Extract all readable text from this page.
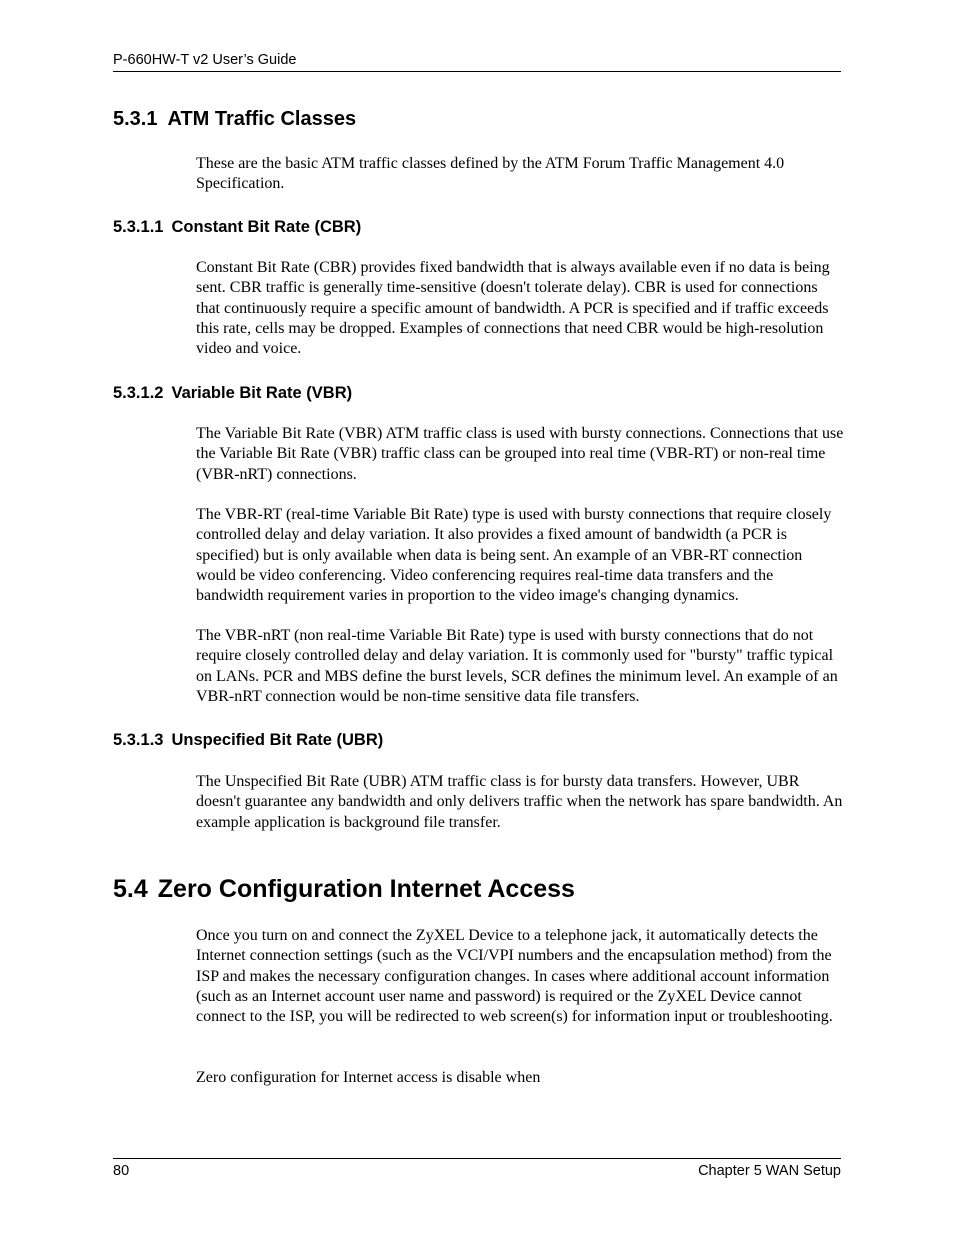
P-660HW-T v2 User’s Guide
5.3.1 ATM Traffic Classes

These are the basic ATM traffic classes defined by the ATM Forum Traffic Management 4.0 Specification.

5.3.1.1 Constant Bit Rate (CBR)

Constant Bit Rate (CBR) provides fixed bandwidth that is always available even if no data is being sent. CBR traffic is generally time-sensitive (doesn't tolerate delay). CBR is used for connections that continuously require a specific amount of bandwidth. A PCR is specified and if traffic exceeds this rate, cells may be dropped. Examples of connections that need CBR would be high-resolution video and voice.

5.3.1.2 Variable Bit Rate (VBR)

The Variable Bit Rate (VBR) ATM traffic class is used with bursty connections. Connections that use the Variable Bit Rate (VBR) traffic class can be grouped into real time (VBR-RT) or non-real time (VBR-nRT) connections.

The VBR-RT (real-time Variable Bit Rate) type is used with bursty connections that require closely controlled delay and delay variation. It also provides a fixed amount of bandwidth (a PCR is specified) but is only available when data is being sent. An example of an VBR-RT connection would be video conferencing. Video conferencing requires real-time data transfers and the bandwidth requirement varies in proportion to the video image's changing dynamics.

The VBR-nRT (non real-time Variable Bit Rate) type is used with bursty connections that do not require closely controlled delay and delay variation. It is commonly used for "bursty" traffic typical on LANs. PCR and MBS define the burst levels, SCR defines the minimum level. An example of an VBR-nRT connection would be non-time sensitive data file transfers.

5.3.1.3 Unspecified Bit Rate (UBR)

The Unspecified Bit Rate (UBR) ATM traffic class is for bursty data transfers. However, UBR doesn't guarantee any bandwidth and only delivers traffic when the network has spare bandwidth. An example application is background file transfer.

5.4 Zero Configuration Internet Access

Once you turn on and connect the ZyXEL Device to a telephone jack, it automatically detects the Internet connection settings (such as the VCI/VPI numbers and the encapsulation method) from the ISP and makes the necessary configuration changes. In cases where additional account information (such as an Internet account user name and password) is required or the ZyXEL Device cannot connect to the ISP, you will be redirected to web screen(s) for information input or troubleshooting.

Zero configuration for Internet access is disable when

80	Chapter 5 WAN Setup
